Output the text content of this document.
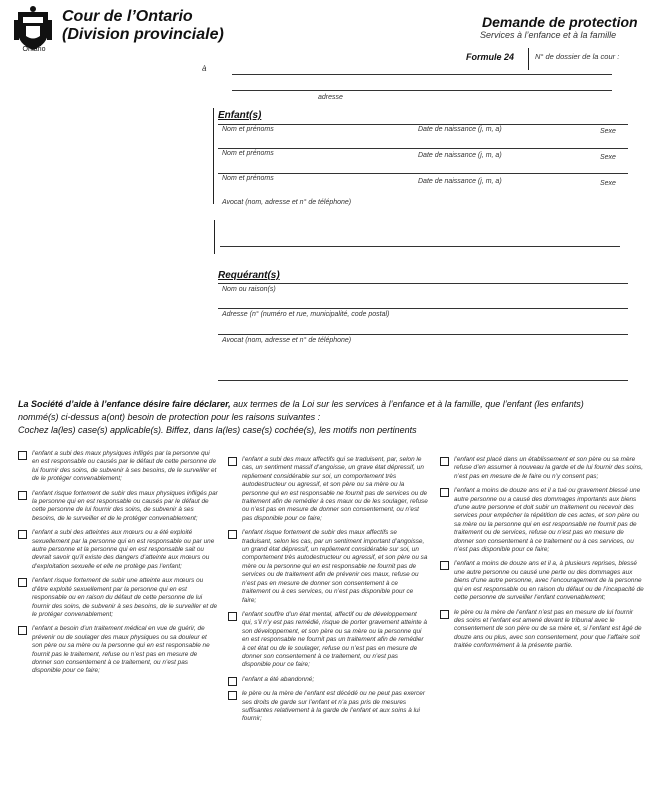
Ontario
Cour de l’Ontario
(Division provinciale)
Demande de protection
Services à l’enfance et à la famille
Formule 24	N° de dossier de la cour :
à
adresse
Enfant(s)
Nom et prénoms	Date de naissance (j, m, a)	Sexe
Nom et prénoms	Date de naissance (j, m, a)	Sexe
Nom et prénoms	Date de naissance (j, m, a)	Sexe
Avocat (nom, adresse et n° de téléphone)
Requérant(s)
Nom ou raison(s)
Adresse (n° (numéro et rue, municipalité, code postal)
Avocat (nom, adresse et n° de téléphone)
La Société d’aide à l’enfance désire faire déclarer, aux termes de la Loi sur les services à l’enfance et à la famille, que l’enfant (les enfants)
nommé(s) ci-dessus a(ont) besoin de protection pour les raisons suivantes :
Cochez la(les) case(s) applicable(s). Biffez, dans la(les) case(s) cochée(s), les motifs non pertinents
l’enfant a subi des maux physiques infligés par la personne qui en est responsable ou causés par le défaut de cette personne de lui fournir des soins, de subvenir à ses besoins, de le surveiller et de le protéger convenablement;
l’enfant risque fortement de subir des maux physiques infligés par la personne qui en est responsable ou causés par le défaut de cette personne de lui fournir des soins, de subvenir à ses besoins, de le surveiller et de le protéger convenablement;
l’enfant a subi des atteintes aux mœurs ou a été exploité sexuellement par la personne qui en est responsable ou par une autre personne et la personne qui en est responsable sait ou devrait savoir qu’il existe des dangers d’atteinte aux mœurs ou d’exploitation sexuelle et elle ne protège pas l’enfant;
l’enfant risque fortement de subir une atteinte aux mœurs ou d’être exploité sexuellement par la personne qui en est responsable ou en raison du défaut de cette personne de lui fournir des soins, de subvenir à ses besoins, de le surveiller et de le protéger convenablement;
l’enfant a besoin d’un traitement médical en vue de guérir, de prévenir ou de soulager des maux physiques ou sa douleur et son père ou sa mère ou la personne qui en est responsable ne fournit pas le traitement, refuse ou n’est pas en mesure de donner son consentement à ce traitement, ou n’est pas disponible pour ce faire;
l’enfant a subi des maux affectifs qui se traduisent, par, selon le cas, un sentiment massif d’angoisse, un grave état dépressif, un repliement considérable sur soi, un comportement très autodestructeur ou agressif, et son père ou sa mère ou la personne qui en est responsable ne fournit pas de services ou de traitement afin de remédier à ces maux ou de les soulager, refuse ou n’est pas en mesure de donner son consentement, ou n’est pas disponible pour ce faire;
l’enfant risque fortement de subir des maux affectifs se traduisant, selon les cas, par un sentiment important d’angoisse, un grand état dépressif, un repliement considérable sur soi, un comportement très autodestructeur ou agressif, et son père ou sa mère ou la personne qui en est responsable ne fournit pas de services ou de traitement afin de prévenir ces maux, refuse ou n’est pas en mesure de donner son consentement à ce traitement ou à ces services, ou n’est pas disponible pour ce faire;
l’enfant souffre d’un état mental, affectif ou de développement qui, s’il n’y est pas remédié, risque de porter gravement atteinte à son développement, et son père ou sa mère ou la personne qui en est responsable ne fournit pas un traitement afin de remédier à cet état ou de le soulager, refuse ou n’est pas en mesure de donner son consentement à ce traitement, ou n’est pas disponible pour ce faire;
l’enfant a été abandonné;
le père ou la mère de l’enfant est décédé ou ne peut pas exercer ses droits de garde sur l’enfant et n’a pas pris de mesures suffisantes relativement à la garde de l’enfant et aux soins à lui fournir;
l’enfant est placé dans un établissement et son père ou sa mère refuse d’en assumer à nouveau la garde et de lui fournir des soins, n’est pas en mesure de le faire ou n’y consent pas;
l’enfant a moins de douze ans et il a tué ou gravement blessé une autre personne ou a causé des dommages importants aux biens d’une autre personne et doit subir un traitement ou recevoir des services pour empêcher la répétition de ces actes, et son père ou sa mère ou la personne qui en est responsable ne fournit pas de traitement ou de services, refuse ou n’est pas en mesure de donner son consentement à ce traitement ou à ces services, ou n’est pas disponible pour ce faire;
l’enfant a moins de douze ans et il a, à plusieurs reprises, blessé une autre personne ou causé une perte ou des dommages aux biens d’une autre personne, avec l’encouragement de la personne qui en est responsable ou en raison du défaut ou de l’incapacité de cette personne de surveiller l’enfant convenablement;
le père ou la mère de l’enfant n’est pas en mesure de lui fournir des soins et l’enfant est amené devant le tribunal avec le consentement de son père ou de sa mère et, si l’enfant est âgé de douze ans ou plus, avec son consentement, pour que l’affaire soit traitée conformément à la présente partie.
